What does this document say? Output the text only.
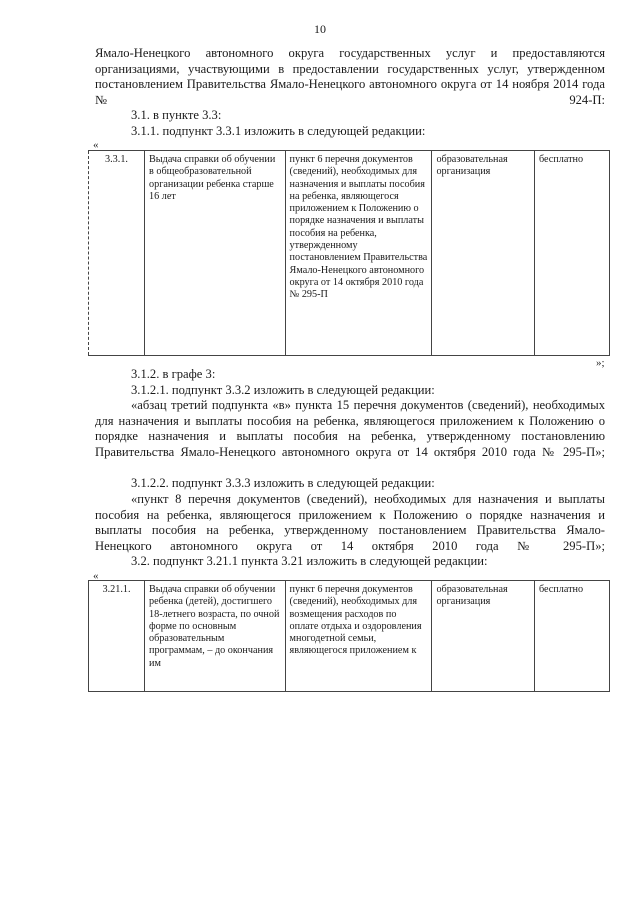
10

Ямало-Ненецкого автономного округа государственных услуг и предоставляются организациями, участвующими в предоставлении государственных услуг, утвержденном постановлением Правительства Ямало-Ненецкого автономного округа от 14 ноября 2014 года № 924-П:

3.1. в пункте 3.3:
3.1.1. подпункт 3.3.1 изложить в следующей редакции:
«
3.3.1.	Выдача справки об обучении в общеобразовательной организации ребенка старше 16 лет	пункт 6 перечня документов (сведений), необходимых для назначения и выплаты пособия на ребенка, являющегося приложением к Положению о порядке назначения и выплаты пособия на ребенка, утвержденному постановлением Правительства Ямало-Ненецкого автономного округа от 14 октября 2010 года № 295-П	образовательная организация	бесплатно
»;
3.1.2. в графе 3:
3.1.2.1. подпункт 3.3.2 изложить в следующей редакции:

«абзац третий подпункта «в» пункта 15 перечня документов (сведений), необходимых для назначения и выплаты пособия на ребенка, являющегося приложением к Положению о порядке назначения и выплаты пособия на ребенка, утвержденному постановлению Правительства Ямало-Ненецкого автономного округа от 14 октября 2010 года № 295-П»;

3.1.2.2. подпункт 3.3.3 изложить в следующей редакции:

«пункт 8 перечня документов (сведений), необходимых для назначения и выплаты пособия на ребенка, являющегося приложением к Положению о порядке назначения и выплаты пособия на ребенка, утвержденному постановлением Правительства Ямало-Ненецкого автономного округа от 14 октября 2010 года № 295-П»;

3.2. подпункт 3.21.1 пункта 3.21 изложить в следующей редакции:
«
3.21.1.	Выдача справки об обучении ребенка (детей), достигшего 18-летнего возраста, по очной форме по основным образовательным программам, – до окончания им	пункт 6 перечня документов (сведений), необходимых для возмещения расходов по оплате отдыха и оздоровления многодетной семьи, являющегося приложением к	образовательная организация	бесплатно
